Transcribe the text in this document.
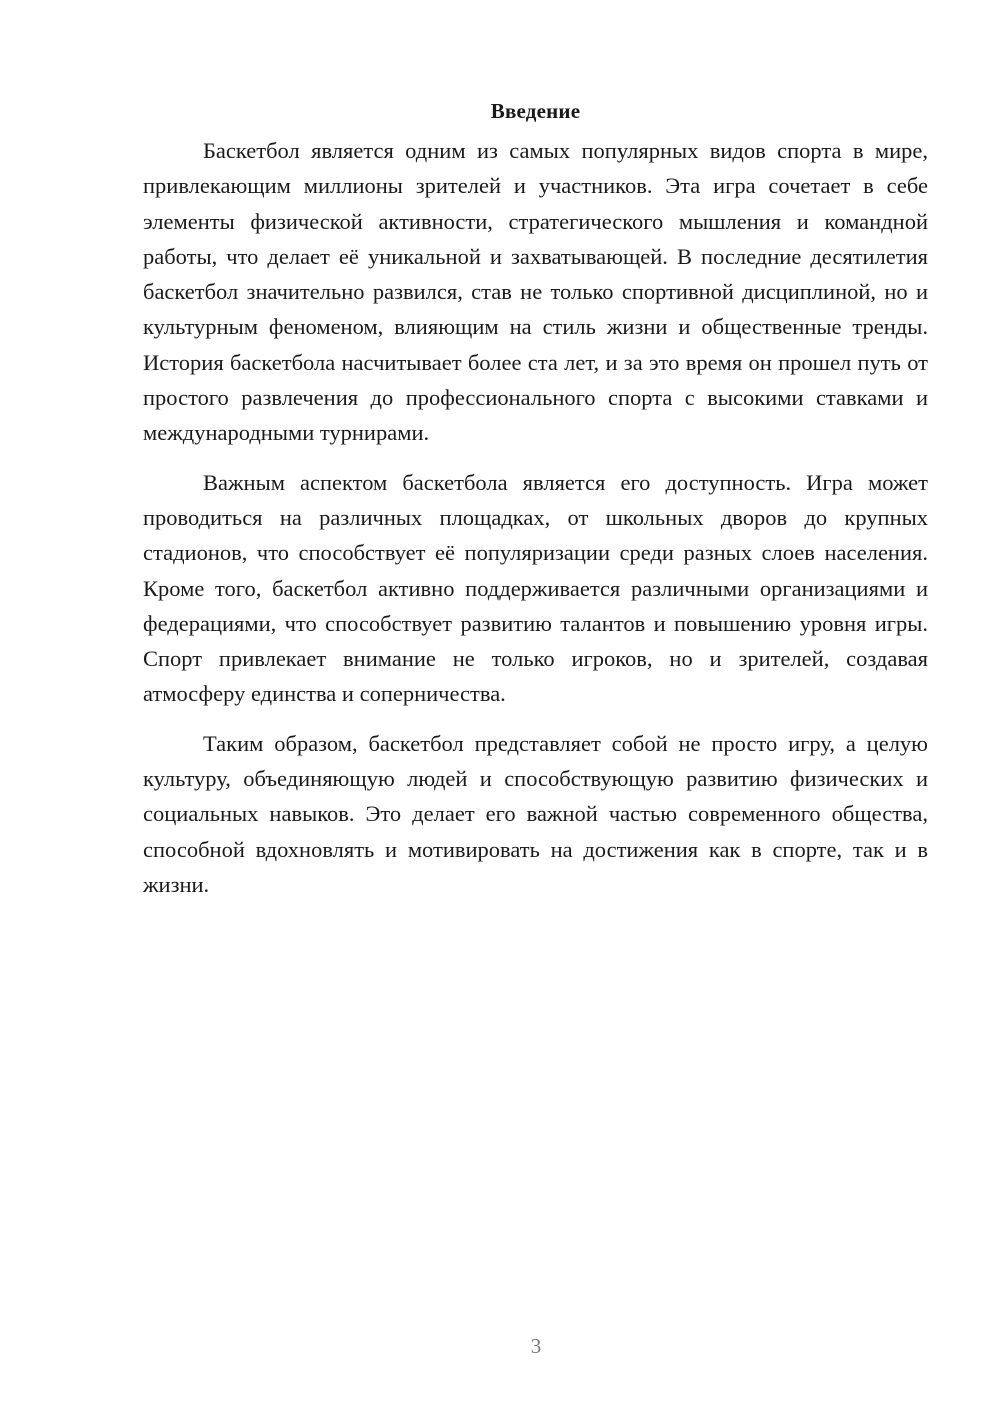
Введение

Баскетбол является одним из самых популярных видов спорта в мире, привлекающим миллионы зрителей и участников. Эта игра сочетает в себе элементы физической активности, стратегического мышления и командной работы, что делает её уникальной и захватывающей. В последние десятилетия баскетбол значительно развился, став не только спортивной дисциплиной, но и культурным феноменом, влияющим на стиль жизни и общественные тренды. История баскетбола насчитывает более ста лет, и за это время он прошел путь от простого развлечения до профессионального спорта с высокими ставками и международными турнирами.

Важным аспектом баскетбола является его доступность. Игра может проводиться на различных площадках, от школьных дворов до крупных стадионов, что способствует её популяризации среди разных слоев населения. Кроме того, баскетбол активно поддерживается различными организациями и федерациями, что способствует развитию талантов и повышению уровня игры. Спорт привлекает внимание не только игроков, но и зрителей, создавая атмосферу единства и соперничества.

Таким образом, баскетбол представляет собой не просто игру, а целую культуру, объединяющую людей и способствующую развитию физических и социальных навыков. Это делает его важной частью современного общества, способной вдохновлять и мотивировать на достижения как в спорте, так и в жизни.

3
